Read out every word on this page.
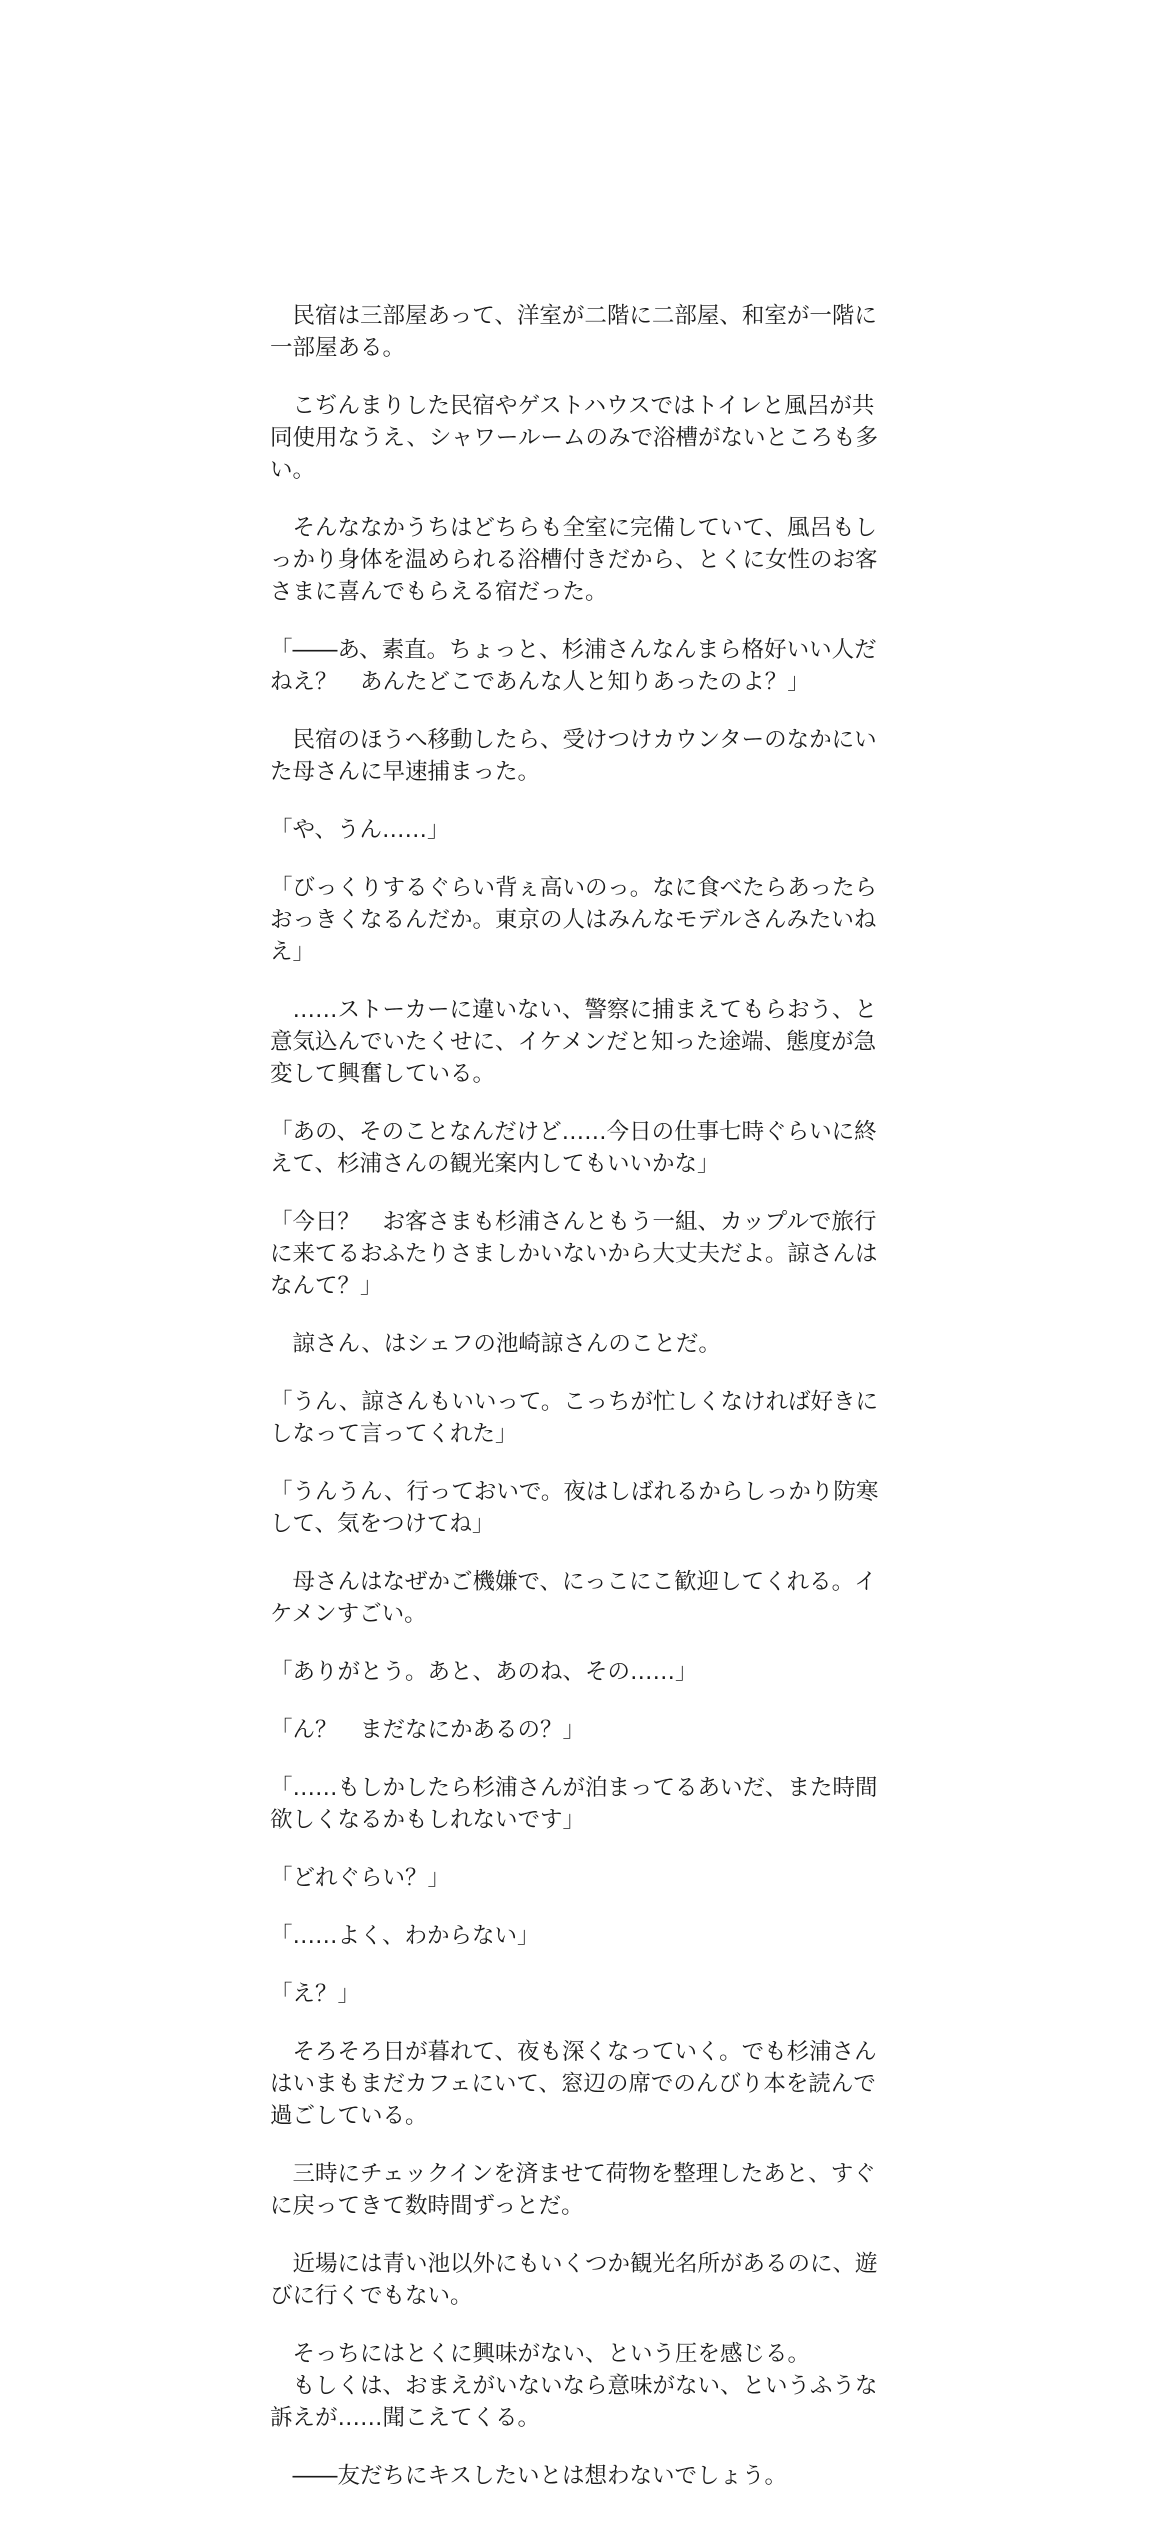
　民宿は三部屋あって、洋室が二階に二部屋、和室が一階に一部屋ある。

　こぢんまりした民宿やゲストハウスではトイレと風呂が共同使用なうえ、シャワールームのみで浴槽がないところも多い。

　そんななかうちはどちらも全室に完備していて、風呂もしっかり身体を温められる浴槽付きだから、とくに女性のお客さまに喜んでもらえる宿だった。

「――あ、素直。ちょっと、杉浦さんなんまら格好いい人だねえ？　あんたどこであんな人と知りあったのよ？」

　民宿のほうへ移動したら、受けつけカウンターのなかにいた母さんに早速捕まった。

「や、うん……」

「びっくりするぐらい背ぇ高いのっ。なに食べたらあったらおっきくなるんだか。東京の人はみんなモデルさんみたいねえ」

　……ストーカーに違いない、警察に捕まえてもらおう、と意気込んでいたくせに、イケメンだと知った途端、態度が急変して興奮している。

「あの、そのことなんだけど……今日の仕事七時ぐらいに終えて、杉浦さんの観光案内してもいいかな」

「今日？　お客さまも杉浦さんともう一組、カップルで旅行に来てるおふたりさましかいないから大丈夫だよ。諒さんはなんて？」

　諒さん、はシェフの池崎諒さんのことだ。

「うん、諒さんもいいって。こっちが忙しくなければ好きにしなって言ってくれた」

「うんうん、行っておいで。夜はしばれるからしっかり防寒して、気をつけてね」

　母さんはなぜかご機嫌で、にっこにこ歓迎してくれる。イケメンすごい。

「ありがとう。あと、あのね、その……」

「ん？　まだなにかあるの？」

「……もしかしたら杉浦さんが泊まってるあいだ、また時間欲しくなるかもしれないです」

「どれぐらい？」

「……よく、わからない」

「え？」

　そろそろ日が暮れて、夜も深くなっていく。でも杉浦さんはいまもまだカフェにいて、窓辺の席でのんびり本を読んで過ごしている。

　三時にチェックインを済ませて荷物を整理したあと、すぐに戻ってきて数時間ずっとだ。

　近場には青い池以外にもいくつか観光名所があるのに、遊びに行くでもない。

　そっちにはとくに興味がない、という圧を感じる。
　もしくは、おまえがいないなら意味がない、というふうな訴えが……聞こえてくる。

　――友だちにキスしたいとは想わないでしょう。
